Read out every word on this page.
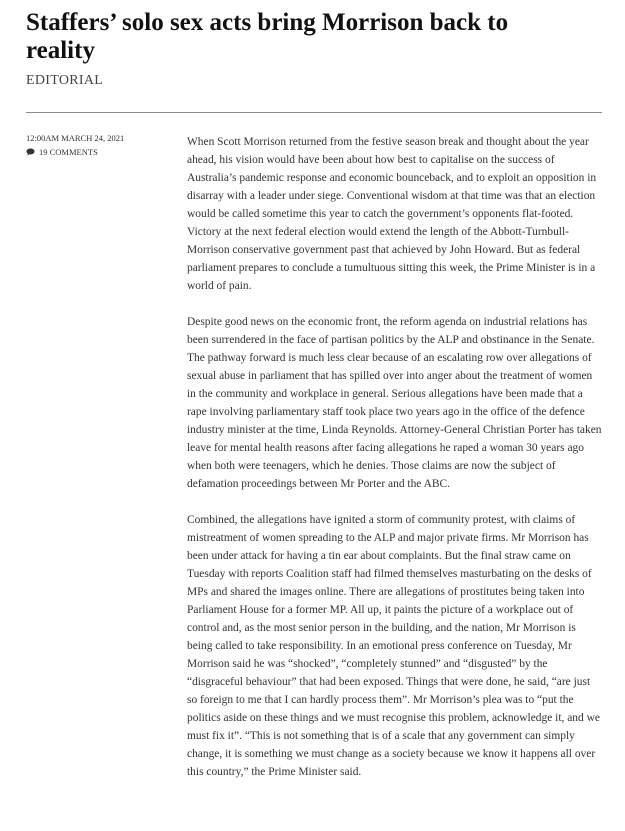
Staffers’ solo sex acts bring Morrison back to reality
EDITORIAL
12:00AM MARCH 24, 2021
19 COMMENTS

When Scott Morrison returned from the festive season break and thought about the year ahead, his vision would have been about how best to capitalise on the success of Australia’s pandemic response and economic bounceback, and to exploit an opposition in disarray with a leader under siege. Conventional wisdom at that time was that an election would be called sometime this year to catch the government’s opponents flat-footed. Victory at the next federal election would extend the length of the Abbott-Turnbull-Morrison conservative government past that achieved by John Howard. But as federal parliament prepares to conclude a tumultuous sitting this week, the Prime Minister is in a world of pain.

Despite good news on the economic front, the reform agenda on industrial relations has been surrendered in the face of partisan politics by the ALP and obstinance in the Senate. The pathway forward is much less clear because of an escalating row over allegations of sexual abuse in parliament that has spilled over into anger about the treatment of women in the community and workplace in general. Serious allegations have been made that a rape involving parliamentary staff took place two years ago in the office of the defence industry minister at the time, Linda Reynolds. Attorney-General Christian Porter has taken leave for mental health reasons after facing allegations he raped a woman 30 years ago when both were teenagers, which he denies. Those claims are now the subject of defamation proceedings between Mr Porter and the ABC.

Combined, the allegations have ignited a storm of community protest, with claims of mistreatment of women spreading to the ALP and major private firms. Mr Morrison has been under attack for having a tin ear about complaints. But the final straw came on Tuesday with reports Coalition staff had filmed themselves masturbating on the desks of MPs and shared the images online. There are allegations of prostitutes being taken into Parliament House for a former MP. All up, it paints the picture of a workplace out of control and, as the most senior person in the building, and the nation, Mr Morrison is being called to take responsibility. In an emotional press conference on Tuesday, Mr Morrison said he was “shocked”, “completely stunned” and “disgusted” by the “disgraceful behaviour” that had been exposed. Things that were done, he said, “are just so foreign to me that I can hardly process them”. Mr Morrison’s plea was to “put the politics aside on these things and we must recognise this problem, acknowledge it, and we must fix it”. “This is not something that is of a scale that any government can simply change, it is something we must change as a society because we know it happens all over this country,” the Prime Minister said.
